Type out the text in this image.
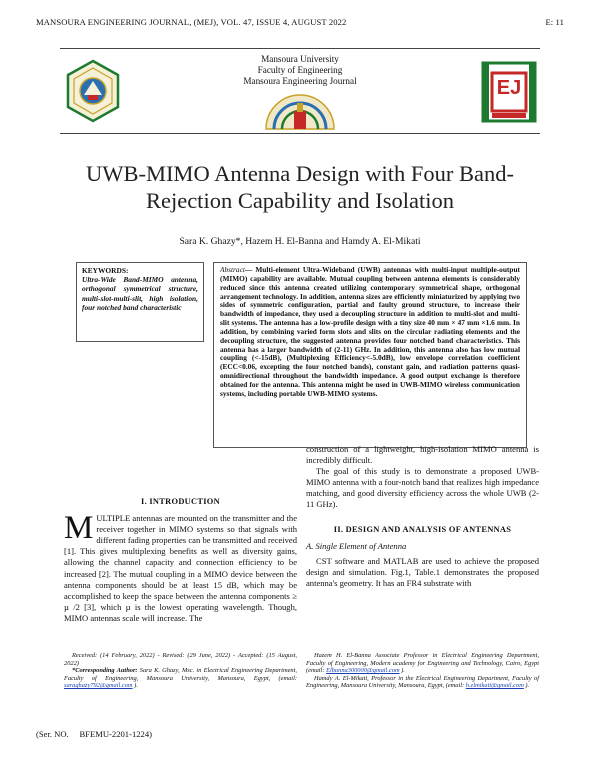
MANSOURA ENGINEERING JOURNAL, (MEJ), VOL. 47, ISSUE 4, AUGUST 2022	E: 11
Mansoura University
Faculty of Engineering
Mansoura Engineering Journal	EJ
UWB-MIMO Antenna Design with Four Band-
Rejection Capability and Isolation
Sara K. Ghazy*, Hazem H. El-Banna and Hamdy A. El-Mikati
KEYWORDS:
Ultra-Wide Band-MIMO antenna, orthogonal symmetrical structure, multi-slot-multi-slit, high isolation, four notched band characteristic
Abstract— Multi-element Ultra-Wideband (UWB) antennas with multi-input multiple-output (MIMO) capability are available. Mutual coupling between antenna elements is considerably reduced since this antenna created utilizing contemporary symmetrical shape, orthogonal arrangement technology. In addition, antenna sizes are efficiently miniaturized by applying two sides of symmetric configuration, partial and faulty ground structure, to increase their bandwidth of impedance, they used a decoupling structure in addition to multi-slot and multi-slit systems. The antenna has a low-profile design with a tiny size 40 mm × 47 mm ×1.6 mm. In addition, by combining varied form slots and slits on the circular radiating elements and the decoupling structure, the suggested antenna provides four notched band characteristics. This antenna has a larger bandwidth of (2-11) GHz. In addition, this antenna also has low mutual coupling (<-15dB), (Multiplexing Efficiency<-5.0dB), low envelope correlation coefficient (ECC<0.06, excepting the four notched bands), constant gain, and radiation patterns quasi-omnidirectional throughout the bandwidth impedance. A good output exchange is therefore obtained for the antenna. This antenna might be used in UWB-MIMO wireless communication systems, including portable UWB-MIMO systems.
I. INTRODUCTION

MULTIPLE antennas are mounted on the transmitter and the receiver together in MIMO systems so that signals with different fading properties can be transmitted and received [1]. This gives multiplexing benefits as well as diversity gains, allowing the channel capacity and connection efficiency to be increased [2]. The mutual coupling in a MIMO device between the antenna components should be at least 15 dB, which may be accomplished to keep the space between the antenna components ≥ µ /2 [3], which µ is the lowest operating wavelength. Though, MIMO antennas scale will increase. The

construction of a lightweight, high-isolation MIMO antenna is incredibly difficult.

The goal of this study is to demonstrate a proposed UWB-MIMO antenna with a four-notch band that realizes high impedance matching, and good diversity efficiency across the whole UWB (2-11 GHz).

II. DESIGN AND ANALYSIS OF ANTENNAS
A. Single Element of Antenna

CST software and MATLAB are used to achieve the proposed design and simulation. Fig.1, Table.1 demonstrates the proposed antenna's geometry. It has an FR4 substrate with

Received: (14 February, 2022) - Revised: (29 June, 2022) - Accepted: (15 August, 2022)
*Corresponding Author: Sara K. Ghazy, Msc. in Electrical Engineering Department, Faculty of Engineering, Mansoura University, Mansoura, Egypt, (email: saraghazy792@gmail.com ).
Hazem H. El-Banna Associate Professor in Electrical Engineering Department, Faculty of Engineering, Modern academy for Engineering and Technology, Cairo, Egypt (email: Elbanna300000@gmail.com ).
Hamdy A. El-Mikati, Professor in the Electrical Engineering Department, Faculty of Engineering, Mansoura University, Mansoura, Egypt, (email: h.elmikati@gmail.com ).
(Ser. NO.     BFEMU-2201-1224)
